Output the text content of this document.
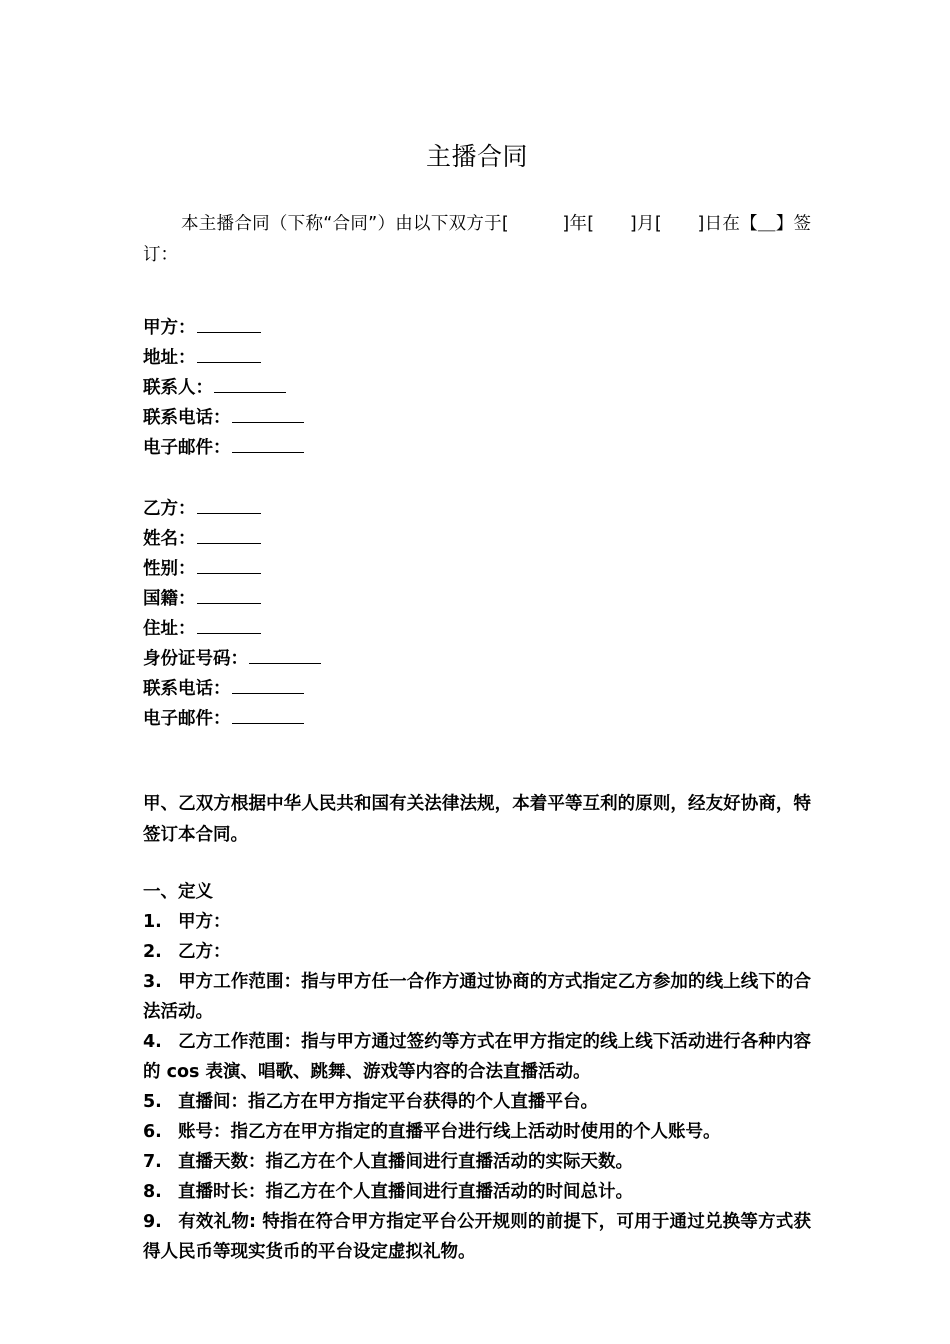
主播合同

本主播合同（下称“合同”）由以下双方于[　　　]年[　　]月[　　]日在【＿】签订：

甲方：
地址：
联系人：
联系电话：
电子邮件：
乙方：
姓名：
性别：
国籍：
住址：
身份证号码：
联系电话：
电子邮件：

甲、乙双方根据中华人民共和国有关法律法规，本着平等互利的原则，经友好协商，特签订本合同。

一、定义
1. 甲方：
2. 乙方：
3. 甲方工作范围：指与甲方任一合作方通过协商的方式指定乙方参加的线上线下的合法活动。
4. 乙方工作范围：指与甲方通过签约等方式在甲方指定的线上线下活动进行各种内容的 cos 表演、唱歌、跳舞、游戏等内容的合法直播活动。
5. 直播间：指乙方在甲方指定平台获得的个人直播平台。
6. 账号：指乙方在甲方指定的直播平台进行线上活动时使用的个人账号。
7. 直播天数：指乙方在个人直播间进行直播活动的实际天数。
8. 直播时长：指乙方在个人直播间进行直播活动的时间总计。
9. 有效礼物: 特指在符合甲方指定平台公开规则的前提下，可用于通过兑换等方式获得人民币等现实货币的平台设定虚拟礼物。
